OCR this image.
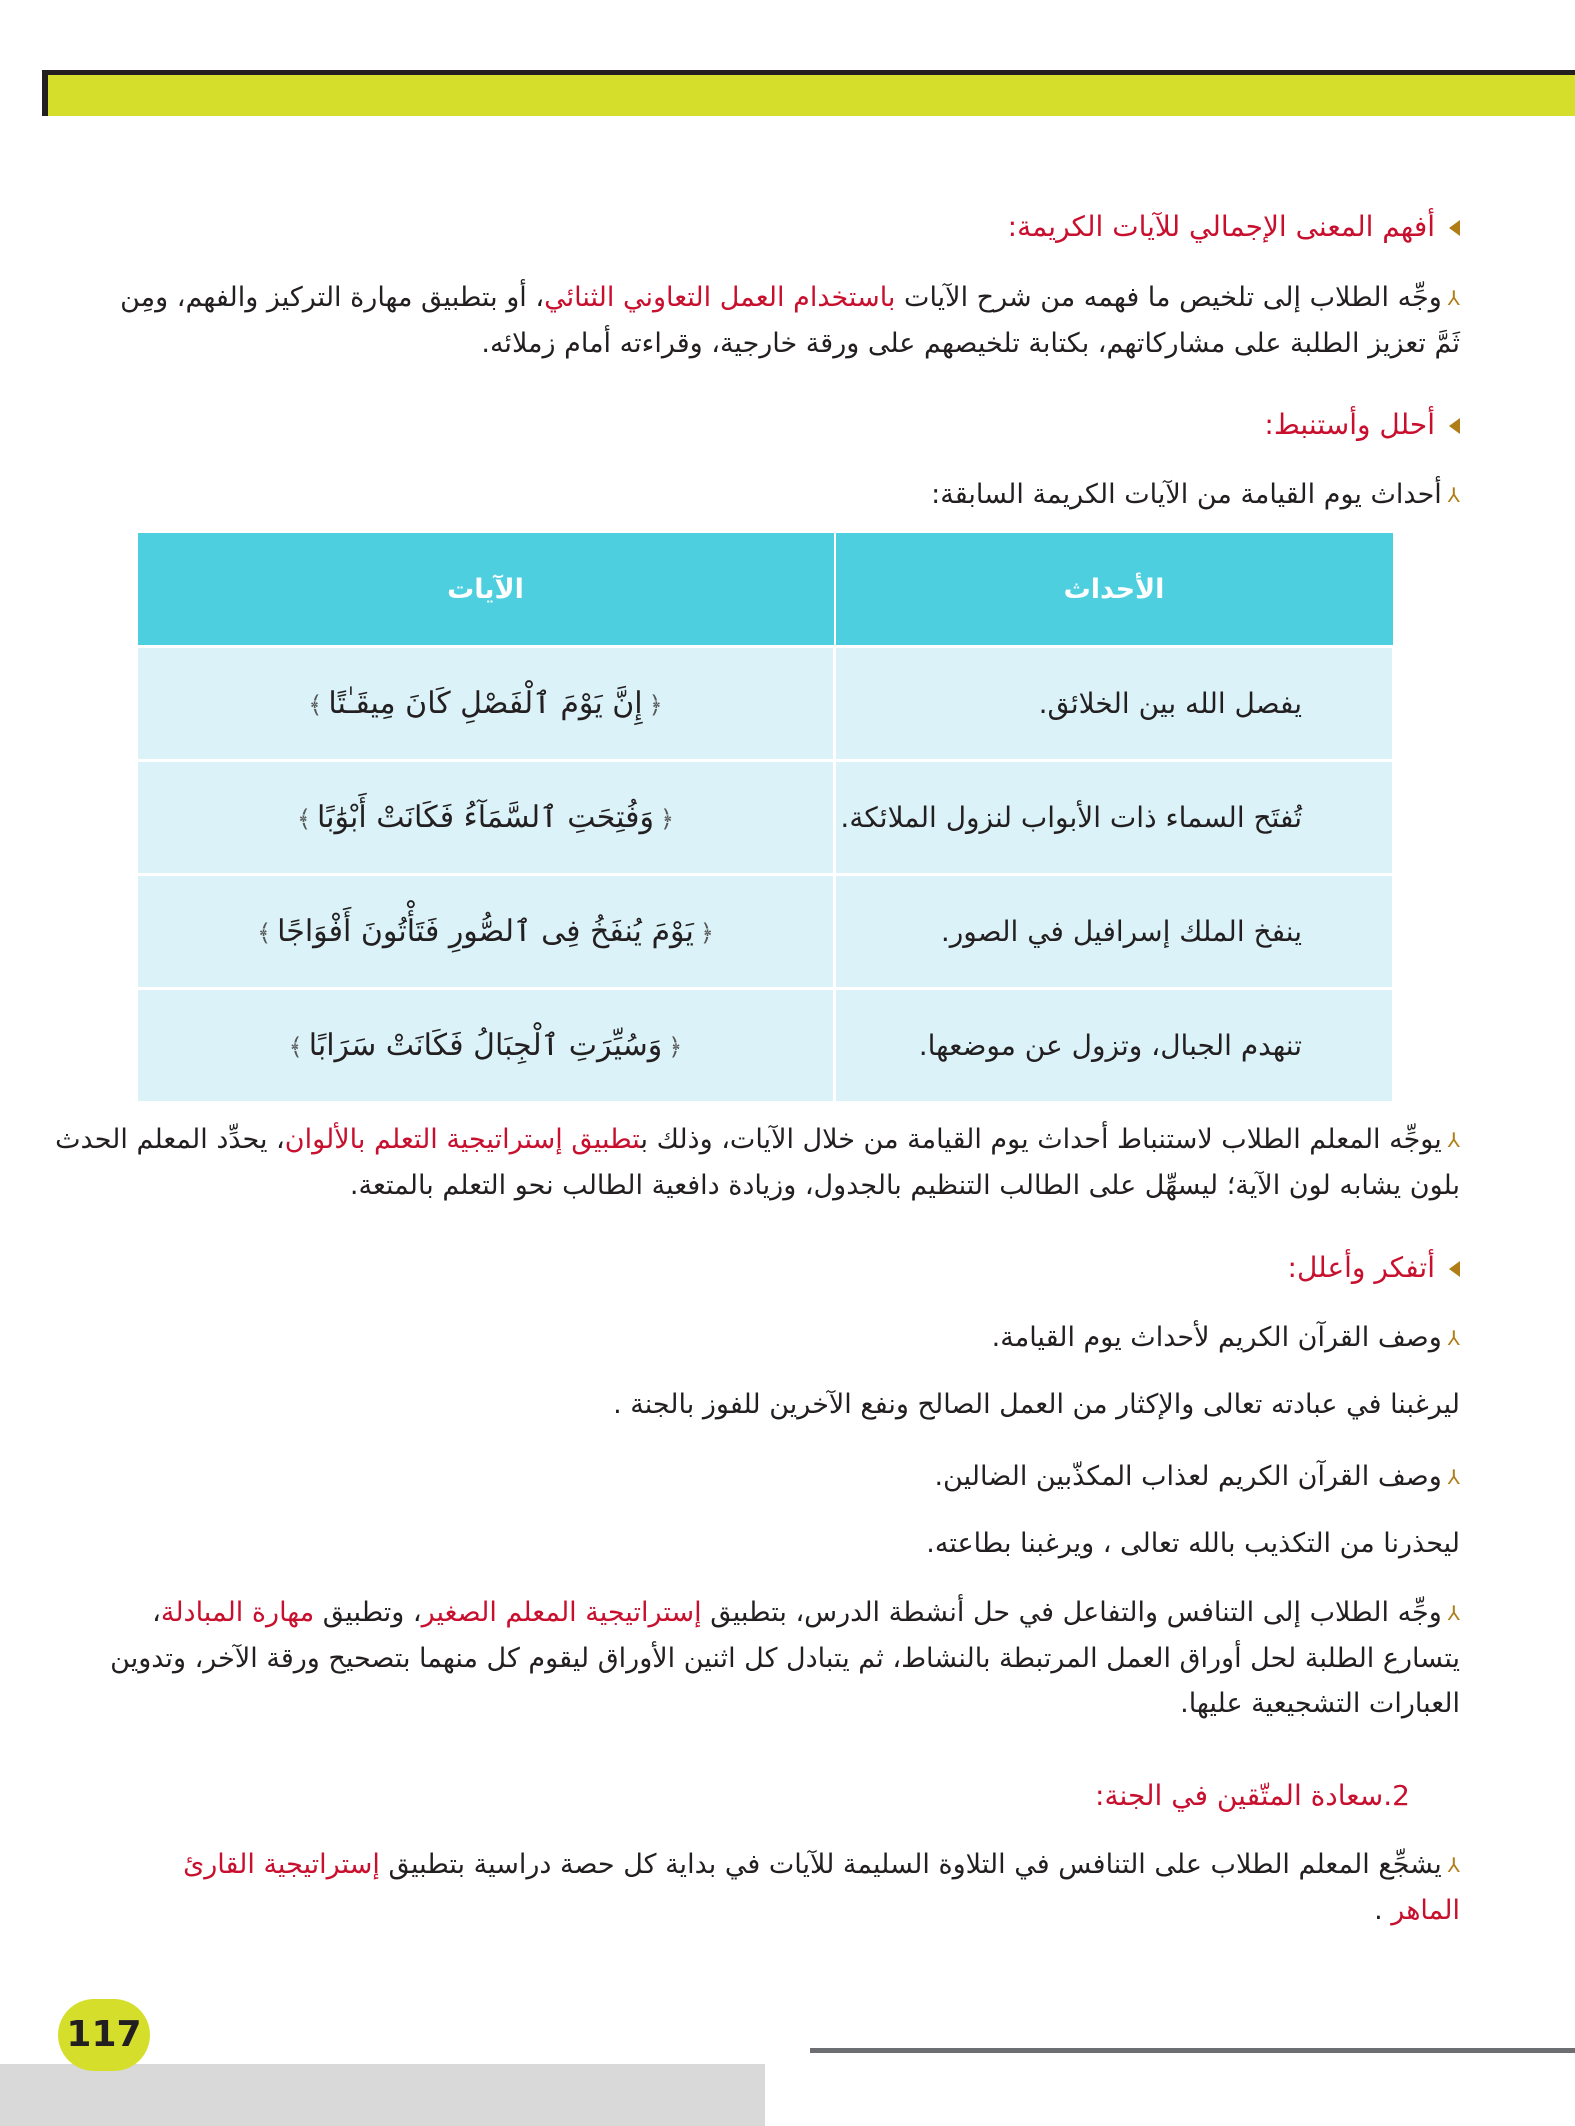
أفهم المعنى الإجمالي للآيات الكريمة:
⅄وجِّه الطلاب إلى تلخيص ما فهمه من شرح الآيات باستخدام العمل التعاوني الثنائي، أو بتطبيق مهارة التركيز والفهم، ومِن ثَمَّ تعزيز الطلبة على مشاركاتهم، بكتابة تلخيصهم على ورقة خارجية، وقراءته أمام زملائه.
أحلل وأستنبط:
⅄أحداث يوم القيامة من الآيات الكريمة السابقة:
الأحداث	الآيات
يفصل الله بين الخلائق.	﴿إِنَّ يَوْمَ ٱلْفَصْلِ كَانَ مِيقَـٰتًا﴾
تُفتَح السماء ذات الأبواب لنزول الملائكة.	﴿وَفُتِحَتِ ٱلسَّمَآءُ فَكَانَتْ أَبْوَٰبًا﴾
ينفخ الملك إسرافيل في الصور.	﴿يَوْمَ يُنفَخُ فِى ٱلصُّورِ فَتَأْتُونَ أَفْوَاجًا﴾
تنهدم الجبال، وتزول عن موضعها.	﴿وَسُيِّرَتِ ٱلْجِبَالُ فَكَانَتْ سَرَابًا﴾
⅄يوجِّه المعلم الطلاب لاستنباط أحداث يوم القيامة من خلال الآيات، وذلك بتطبيق إستراتيجية التعلم بالألوان، يحدِّد المعلم الحدث بلون يشابه لون الآية؛ ليسهِّل على الطالب التنظيم بالجدول، وزيادة دافعية الطالب نحو التعلم بالمتعة.
أتفكر وأعلل:
⅄وصف القرآن الكريم لأحداث يوم القيامة.
ليرغبنا في عبادته تعالى والإكثار من العمل الصالح ونفع الآخرين للفوز بالجنة .
⅄وصف القرآن الكريم لعذاب المكذّبين الضالين.
ليحذرنا من التكذيب بالله تعالى ، ويرغبنا بطاعته.
⅄وجِّه الطلاب إلى التنافس والتفاعل في حل أنشطة الدرس، بتطبيق إستراتيجية المعلم الصغير، وتطبيق مهارة المبادلة، يتسارع الطلبة لحل أوراق العمل المرتبطة بالنشاط، ثم يتبادل كل اثنين الأوراق ليقوم كل منهما بتصحيح ورقة الآخر، وتدوين العبارات التشجيعية عليها.
2.سعادة المتّقين في الجنة:
⅄يشجِّع المعلم الطلاب على التنافس في التلاوة السليمة للآيات في بداية كل حصة دراسية بتطبيق إستراتيجية القارئ الماهر .
117
